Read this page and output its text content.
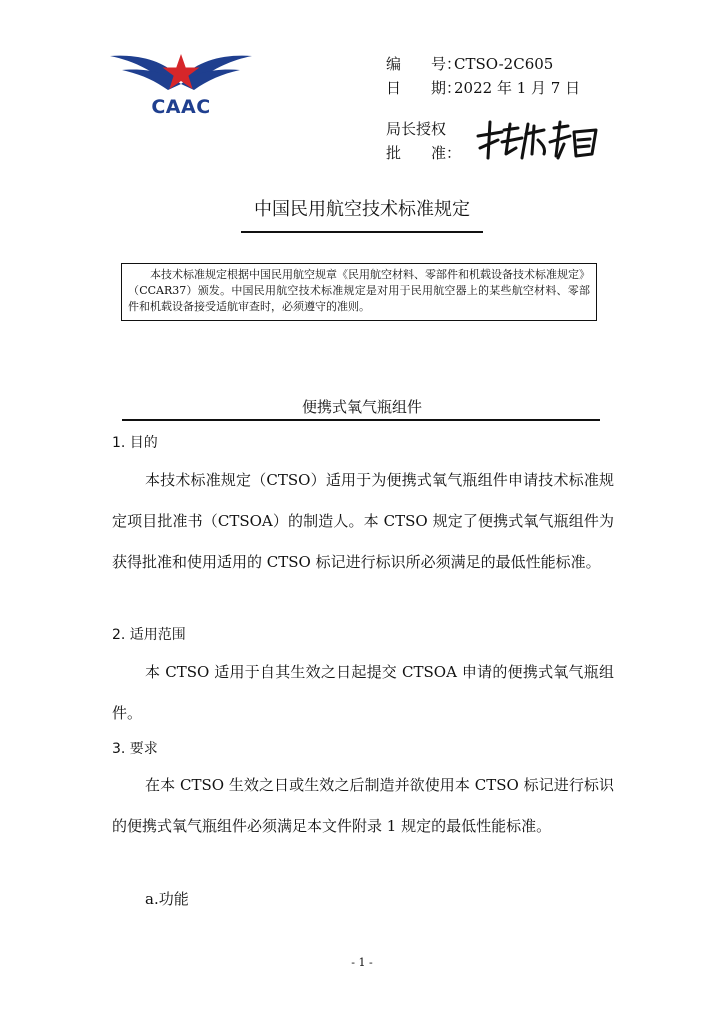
CAAC
编　　号：CTSO-2C605
日　　期：2022 年 1 月 7 日
局长授权
批　　准：
中国民用航空技术标准规定
本技术标准规定根据中国民用航空规章《民用航空材料、零部件和机载设备技术标准规定》（CCAR37）颁发。中国民用航空技术标准规定是对用于民用航空器上的某些航空材料、零部件和机载设备接受适航审查时，必须遵守的准则。
便携式氧气瓶组件
1. 目的
本技术标准规定（CTSO）适用于为便携式氧气瓶组件申请技术标准规定项目批准书（CTSOA）的制造人。本 CTSO 规定了便携式氧气瓶组件为获得批准和使用适用的 CTSO 标记进行标识所必须满足的最低性能标准。
2. 适用范围
本 CTSO 适用于自其生效之日起提交 CTSOA 申请的便携式氧气瓶组件。
3. 要求
在本 CTSO 生效之日或生效之后制造并欲使用本 CTSO 标记进行标识的便携式氧气瓶组件必须满足本文件附录 1 规定的最低性能标准。
a.功能
- 1 -
